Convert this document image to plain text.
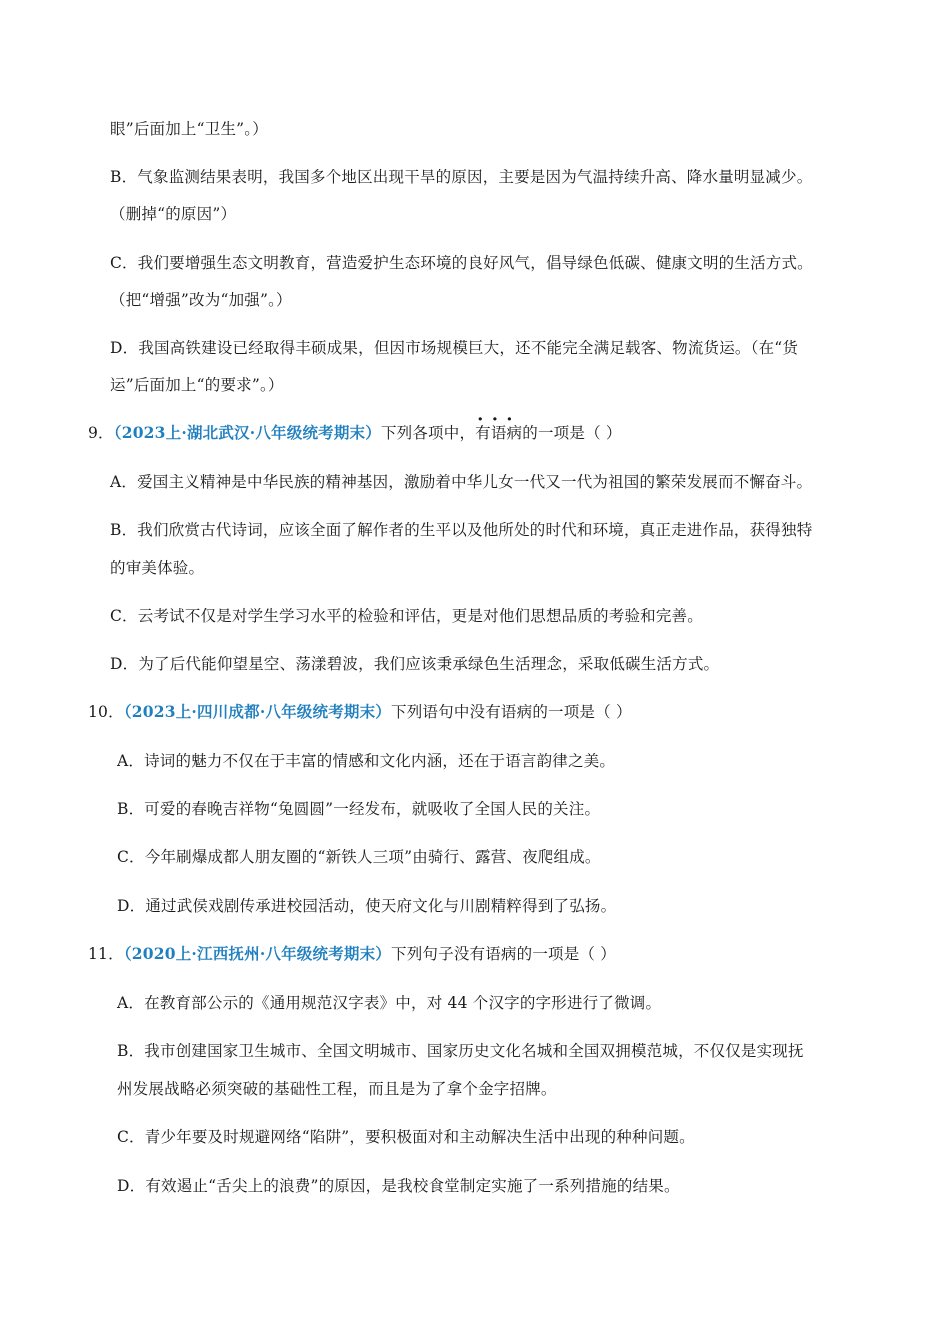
眼”后面加上“卫生”。）
B．气象监测结果表明，我国多个地区出现干旱的原因，主要是因为气温持续升高、降水量明显减少。
（删掉“的原因”）
C．我们要增强生态文明教育，营造爱护生态环境的良好风气，倡导绿色低碳、健康文明的生活方式。
（把“增强”改为“加强”。）
D．我国高铁建设已经取得丰硕成果，但因市场规模巨大，还不能完全满足载客、物流货运。（在“货
运”后面加上“的要求”。）
9．（2023上·湖北武汉·八年级统考期末）下列各项中，· · · 有语病的一项是（ ）
A．爱国主义精神是中华民族的精神基因，激励着中华儿女一代又一代为祖国的繁荣发展而不懈奋斗。
B．我们欣赏古代诗词，应该全面了解作者的生平以及他所处的时代和环境，真正走进作品，获得独特
的审美体验。
C．云考试不仅是对学生学习水平的检验和评估，更是对他们思想品质的考验和完善。
D．为了后代能仰望星空、荡漾碧波，我们应该秉承绿色生活理念，采取低碳生活方式。
10．（2023上·四川成都·八年级统考期末）下列语句中没有语病的一项是（ ）
A．诗词的魅力不仅在于丰富的情感和文化内涵，还在于语言韵律之美。
B．可爱的春晚吉祥物“兔圆圆”一经发布，就吸收了全国人民的关注。
C．今年刷爆成都人朋友圈的“新铁人三项”由骑行、露营、夜爬组成。
D．通过武侯戏剧传承进校园活动，使天府文化与川剧精粹得到了弘扬。
11．（2020上·江西抚州·八年级统考期末）下列句子没有语病的一项是（ ）
A．在教育部公示的《通用规范汉字表》中，对 44 个汉字的字形进行了微调。
B．我市创建国家卫生城市、全国文明城市、国家历史文化名城和全国双拥模范城，不仅仅是实现抚
州发展战略必须突破的基础性工程，而且是为了拿个金字招牌。
C．青少年要及时规避网络“陷阱”，要积极面对和主动解决生活中出现的种种问题。
D．有效遏止“舌尖上的浪费”的原因，是我校食堂制定实施了一系列措施的结果。
